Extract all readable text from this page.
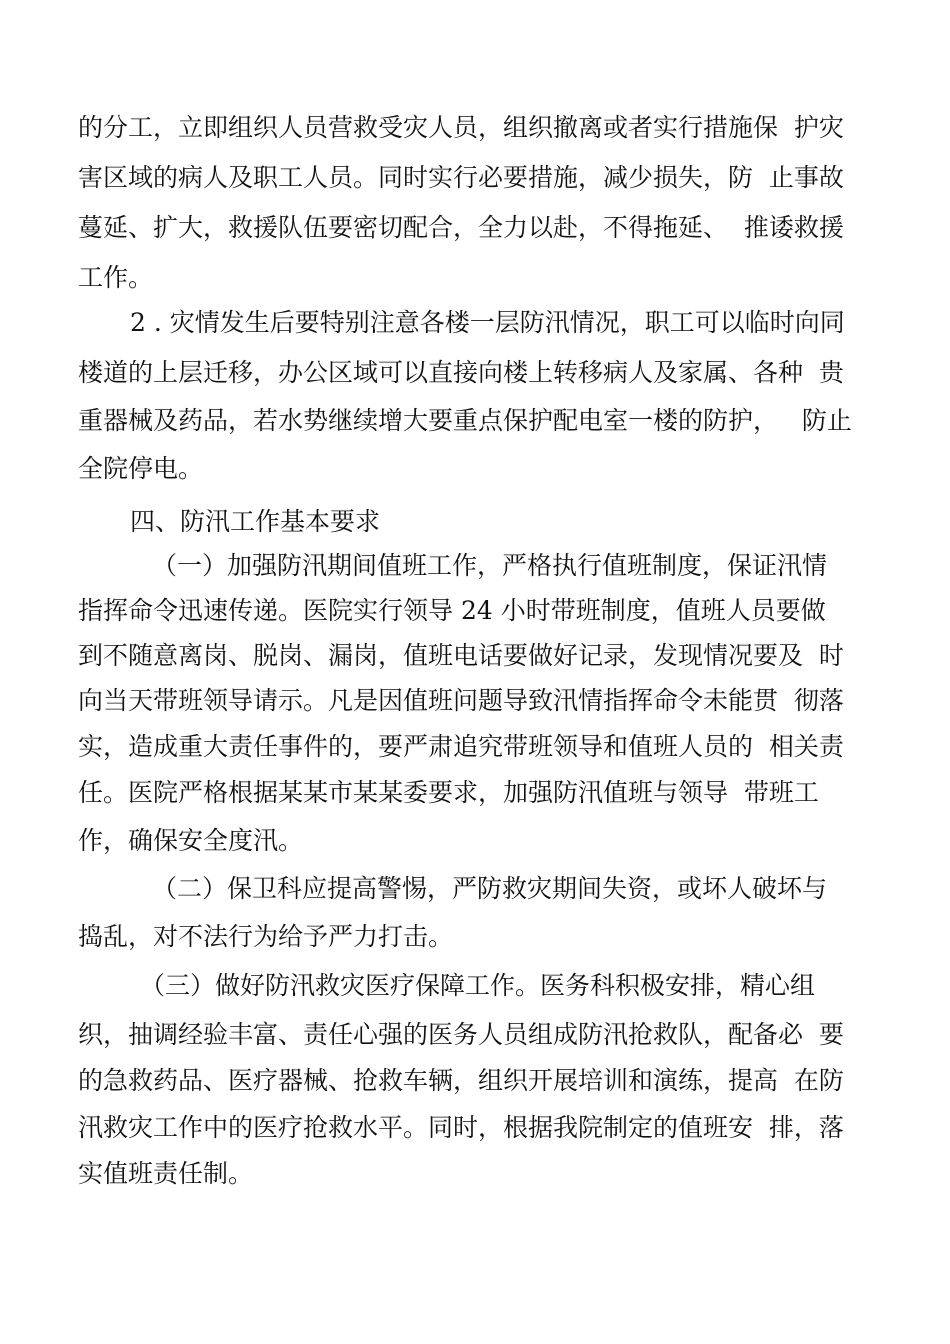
的分工，立即组织人员营救受灾人员，组织撤离或者实行措施保  护灾
害区域的病人及职工人员。同时实行必要措施，减少损失，防  止事故
蔓延、扩大，救援队伍要密切配合，全力以赴，不得拖延、  推诿救援
工作。
2 . 灾情发生后要特别注意各楼一层防汛情况，职工可以临时向同
楼道的上层迁移，办公区域可以直接向楼上转移病人及家属、各种  贵
重器械及药品，若水势继续增大要重点保护配电室一楼的防护，   防止
全院停电。
四、防汛工作基本要求
（一）加强防汛期间值班工作，严格执行值班制度，保证汛情
指挥命令迅速传递。医院实行领导 24 小时带班制度，值班人员要做
到不随意离岗、脱岗、漏岗，值班电话要做好记录，发现情况要及  时
向当天带班领导请示。凡是因值班问题导致汛情指挥命令未能贯  彻落
实，造成重大责任事件的，要严肃追究带班领导和值班人员的  相关责
任。医院严格根据某某市某某委要求，加强防汛值班与领导  带班工
作，确保安全度汛。
（二）保卫科应提高警惕，严防救灾期间失资，或坏人破坏与
捣乱，对不法行为给予严力打击。
（三）做好防汛救灾医疗保障工作。医务科积极安排，精心组
织，抽调经验丰富、责任心强的医务人员组成防汛抢救队，配备必  要
的急救药品、医疗器械、抢救车辆，组织开展培训和演练，提高  在防
汛救灾工作中的医疗抢救水平。同时，根据我院制定的值班安  排，落
实值班责任制。
